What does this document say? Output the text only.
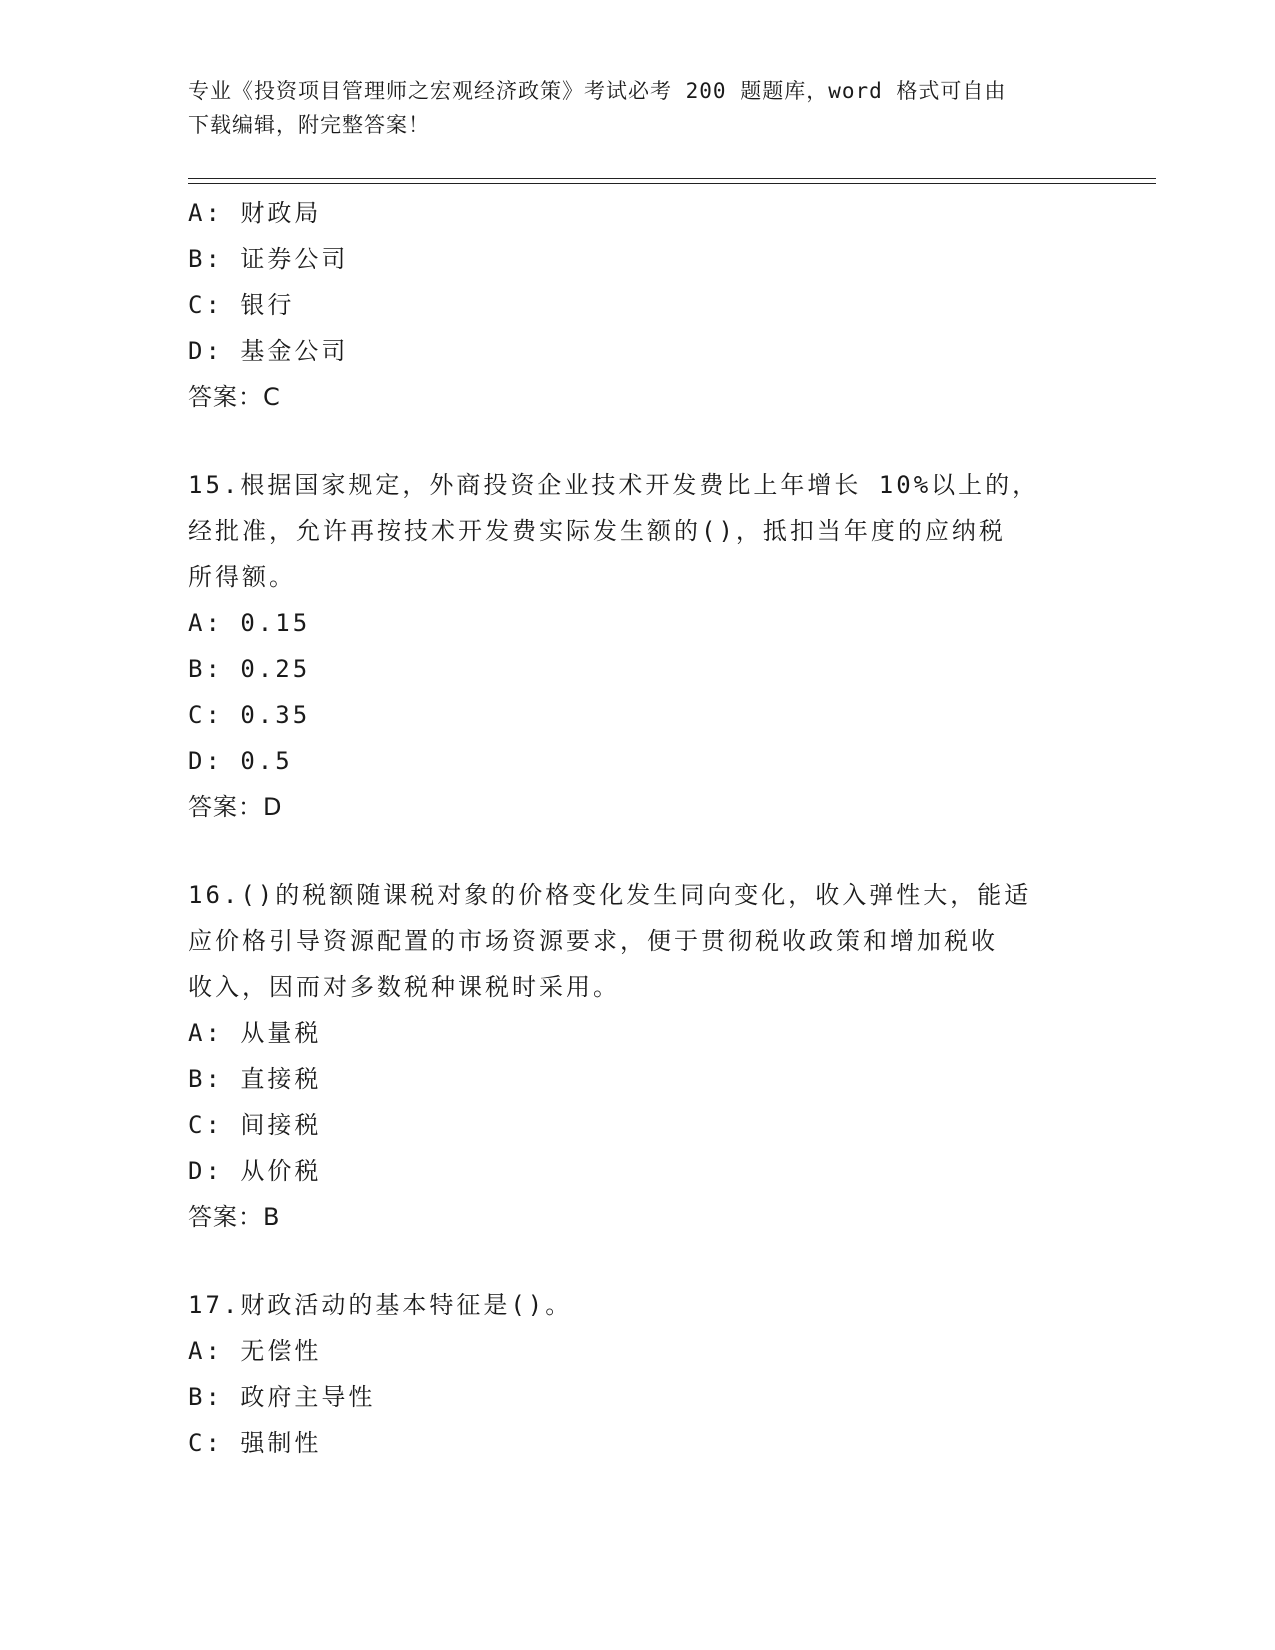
专业《投资项目管理师之宏观经济政策》考试必考 200 题题库，word 格式可自由
下载编辑，附完整答案！
A: 财政局
B: 证券公司
C: 银行
D: 基金公司
答案：C
15.根据国家规定，外商投资企业技术开发费比上年增长 10%以上的，
经批准，允许再按技术开发费实际发生额的()，抵扣当年度的应纳税
所得额。
A: 0.15
B: 0.25
C: 0.35
D: 0.5
答案：D
16.()的税额随课税对象的价格变化发生同向变化，收入弹性大，能适
应价格引导资源配置的市场资源要求，便于贯彻税收政策和增加税收
收入，因而对多数税种课税时采用。
A: 从量税
B: 直接税
C: 间接税
D: 从价税
答案：B
17.财政活动的基本特征是()。
A: 无偿性
B: 政府主导性
C: 强制性
